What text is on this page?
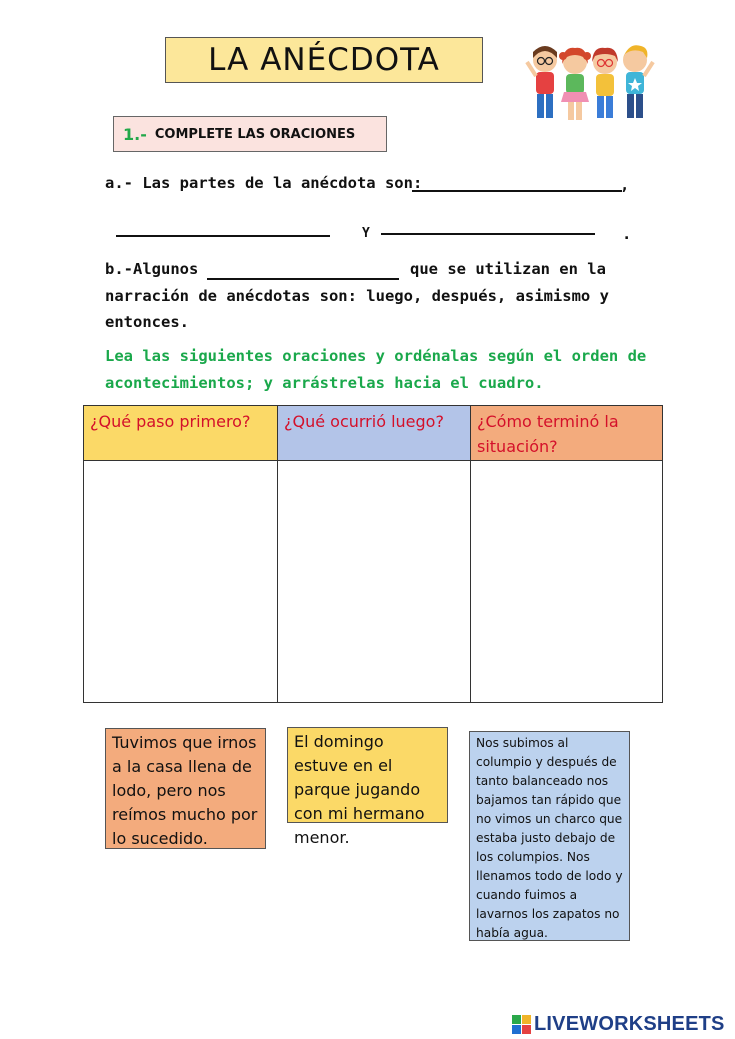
LA ANÉCDOTA
1.- COMPLETE LAS ORACIONES
a.- Las partes de la anécdota son:	,
Y	.
b.-Algunos	que se utilizan en la
narración de anécdotas son: luego, después, asimismo y
entonces.
Lea las siguientes oraciones y ordénalas según el orden de
acontecimientos; y arrástrelas hacia el cuadro.
¿Qué paso primero?	¿Qué ocurrió luego?	¿Cómo terminó la situación?
Tuvimos que irnos a la casa llena de lodo, pero nos reímos mucho por lo sucedido.
El domingo estuve en el parque jugando con mi hermano menor.
Nos subimos al columpio y después de tanto balanceado nos bajamos tan rápido que no vimos un charco que estaba justo debajo de los columpios. Nos llenamos todo de lodo y cuando fuimos a lavarnos los zapatos no había agua.
LIVEWORKSHEETS
